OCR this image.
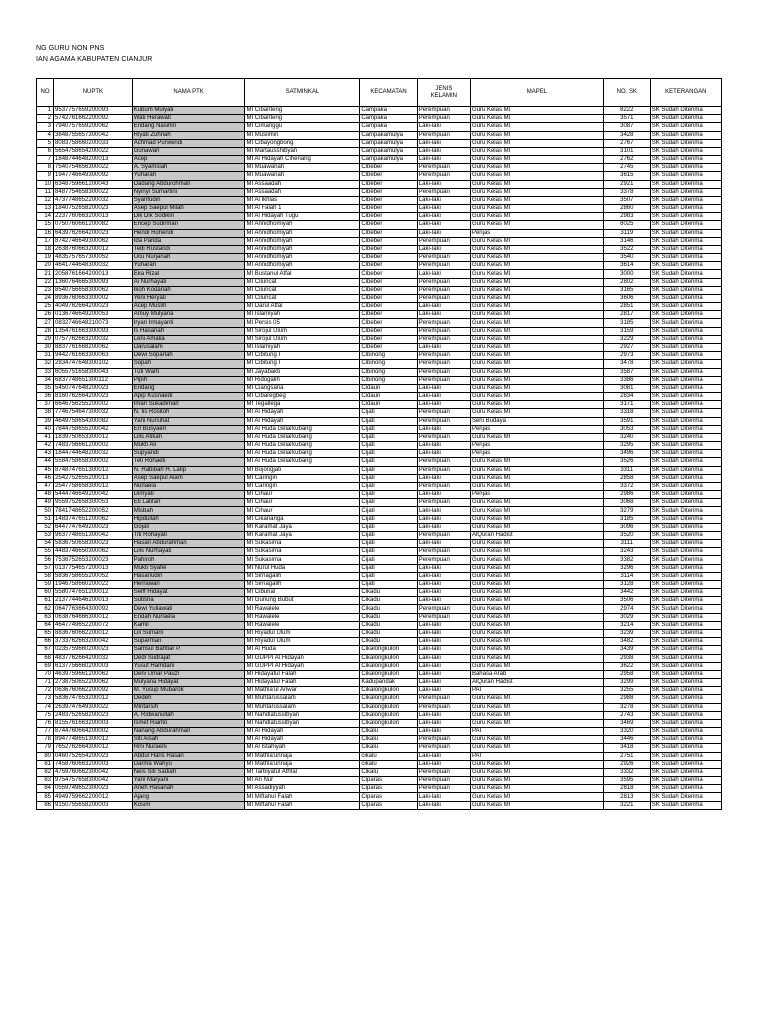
NG GURU NON PNS
IAN AGAMA KABUPATEN CIANJUR
NO	NUPTK	NAMA PTK	SATMINKAL	KECAMATAN	JENIS
KELAMIN	MAPEL	NO. SK	KETERANGAN
1	9537757659200093	Kubum Mulyati	MI Cibanteng	Campaka	Perempuan	Guru Kelas MI	8222	SK Sudah Diterima
2	5742761662200092	Wati Herawati	MI Cibanteng	Campaka	Perempuan	Guru Kelas MI	3571	SK Sudah Diterima
3	7940757659200062	Endang Nasihin	MI Cimanggu	Campaka	Laki-laki	Guru Kelas MI	3087	SK Sudah Diterima
4	3848755657300042	Riyati Zuhriah	MI Muslimin	Campakamulya	Perempuan	Guru Kelas MI	3428	SK Sudah Diterima
5	8083758660200033	Achmad Purwendi	MI Cibayongbong	Campakamulya	Laki-laki	Guru Kelas MI	2767	SK Sudah Diterima
6	5654758654200022	Gunawan	MI Martausshibyan	Campakamulya	Laki-laki	Guru Kelas MI	3101	SK Sudah Diterima
7	1848744648200013	Acep	MI Al Hidayah Cihenang	Campakamulya	Laki-laki	Guru Kelas MI	2762	SK Sudah Diterima
8	7540754656300022	A. Syamsiah	MI Muawanah	Cibeber	Perempuan	Guru Kelas MI	2745	SK Sudah Diterima
9	1947746649300092	Yuharah	MI Muawanah	Cibeber	Perempuan	Guru Kelas MI	3615	SK Sudah Diterima
10	6348759661200043	Dadang Abdurohman	MI Assaadah	Cibeber	Laki-laki	Guru Kelas MI	2921	SK Sudah Diterima
11	8487754658300022	Nyinyi Sumartini	MI Assaadah	Cibeber	Perempuan	Guru Kelas MI	3378	SK Sudah Diterima
12	4737748652200032	Syarifudin	MI Al Ikhlas	Cibeber	Laki-laki	Guru Kelas MI	3507	SK Sudah Diterima
13	1840752658200023	Asep Saepul Milah	MI Al Falah 1	Cibeber	Laki-laki	Guru Kelas MI	2860	SK Sudah Diterima
14	2237760663200013	Dik Dik Sodikin	MI Al Hidayah Tugu	Cibeber	Laki-laki	Guru Kelas MI	2983	SK Sudah Diterima
15	0750760661200082	Encep Sudirman	MI Annidhomiyah	Cibeber	Laki-laki	Guru Kelas MI	8025	SK Sudah Diterima
16	6439762664200023	Hendi Rohendi	MI Annidhomiyah	Cibeber	Laki-laki	Penjas	3119	SK Sudah Diterima
17	8742746649300062	Ida Parida	MI Annidhomiyah	Cibeber	Perempuan	Guru Kelas MI	3146	SK Sudah Diterima
18	2638760663200012	Tedi Rustandi	MI Annidhomiyah	Cibeber	Laki-laki	Guru Kelas MI	3522	SK Sudah Diterima
19	4835757657300052	Ucu Nurjanah	MI Annidhomiyah	Cibeber	Perempuan	Guru Kelas MI	3540	SK Sudah Diterima
20	4641744648300032	Yuharah	MI Annidhomiyah	Cibeber	Perempuan	Guru Kelas MI	3614	SK Sudah Diterima
21	2058761664200013	Eka Rizal	MI Bustanul Atfal	Cibeber	Laki-laki	Guru Kelas MI	3000	SK Sudah Diterima
22	1360764665300093	Ai Nurhayati	MI Ciluncat	Cibeber	Perempuan	Guru Kelas MI	2802	SK Sudah Diterima
23	8540756658300062	Ikoh Kodariah	MI Ciluncat	Cibeber	Perempuan	Guru Kelas MI	3165	SK Sudah Diterima
24	8936760663300002	Yeni Heryati	MI Ciluncat	Cibeber	Perempuan	Guru Kelas MI	3606	SK Sudah Diterima
25	4049762664200023	Acep Muslih	MI Darul Atfal	Cibeber	Laki-laki	Guru Kelas MI	2851	SK Sudah Diterima
26	0136746649200053	Amuy Mulyana	MI Islamiyah	Cibeber	Laki-laki	Guru Kelas MI	2817	SK Sudah Diterima
27	0832746648210073	Iryan Irmayanti	MI Persis 05	Cibeber	Perempuan	Guru Kelas MI	3185	SK Sudah Diterima
28	1354761663300093	Is Hasanah	MI Sirojul Ulum	Cibeber	Perempuan	Guru Kelas MI	3159	SK Sudah Diterima
29	0757762663200032	Leni Amalia	MI Sirojul Ulum	Cibeber	Perempuan	Guru Kelas MI	3229	SK Sudah Diterima
30	8837761668200062	Darusalam	MI Islamiyah	Cibeber	Laki-laki	Guru Kelas MI	2927	SK Sudah Diterima
31	9442761663300063	Dewi Soparlah	MI Cibitung I	Cibinong	Perempuan	Guru Kelas MI	2973	SK Sudah Diterima
32	2834747648300102	Sopah	MI Cibitung I	Cibinong	Perempuan	Guru Kelas MI	3478	SK Sudah Diterima
33	6055751658300043	Tuti Warti	MI Jayabakti	Cibinong	Perempuan	Guru Kelas MI	3587	SK Sudah Diterima
34	6837748651300112	Pipih	MI Ridogalih	Cibinong	Perempuan	Guru Kelas MI	3386	SK Sudah Diterima
35	5450747648200023	Endang	MI Ciangsana	Cidaun	Laki-laki	Guru Kelas MI	3081	SK Sudah Diterima
36	8160762664200023	Apip Kusnaedi	MI Cibaregbeg	Cidaun	Laki-laki	Guru Kelas MI	2834	SK Sudah Diterima
37	6646756255200002	Iman Sukadiman	MI Tegallega	Cidaun	Laki-laki	Guru Kelas MI	3171	SK Sudah Diterima
38	7746754647300032	N. Iis Rositoh	MI Al Hidayah	Cijati	Perempuan	Guru Kelas MI	3318	SK Sudah Diterima
39	4649758654300082	Yani Nursihat	MI Al Hidayah	Cijati	Perempuan	Seni Budaya	3591	SK Sudah Diterima
40	7844758655200042	Eri Busyaeri	MI Al Huda Gelarkubang	Cijati	Laki-laki	Penjas	3053	SK Sudah Diterima
41	1839750653300012	Lilis Atikah	MI Al Huda Gelarkubang	Cijati	Perempuan	Guru Kelas MI	3240	SK Sudah Diterima
42	7483756661200002	Mukti Ali	MI Al Huda Gelarkubang	Cijati	Laki-laki	Penjas	3295	SK Sudah Diterima
43	1844744648200032	Supyandi	MI Al Huda Gelarkubang	Cijati	Laki-laki	Penjas	3496	SK Sudah Diterima
44	5584758658300002	Teti Rohaeti	MI Al Huda Gelarkubang	Cijati	Perempuan	Guru Kelas MI	3526	SK Sudah Diterima
45	8748747651300012	N. Habibah H. Latip	MI Bojongjati	Cijati	Perempuan	Guru Kelas MI	3311	SK Sudah Diterima
46	2542752655200013	Asep Saepul Alam	MI Caringin	Cijati	Laki-laki	Guru Kelas MI	2858	SK Sudah Diterima
47	2547758658300012	Nurlaela	MI Caringin	Cijati	Perempuan	Guru Kelas MI	3372	SK Sudah Diterima
48	5444746649200042	Dimyati	MI Cihaur	Cijati	Laki-laki	Penjas	2986	SK Sudah Diterima
49	9559752658300053	Eti Latifah	MI Cihaur	Cijati	Perempuan	Guru Kelas MI	3068	SK Sudah Diterima
50	7841748652200052	Misbah	MI Cihaur	Cijati	Laki-laki	Guru Kelas MI	3279	SK Sudah Diterima
51	1483747651200062	Hipdullah	MI Cikananga	Cijati	Laki-laki	Guru Kelas MI	3185	SK Sudah Diterima
52	6447747649200023	Gojali	MI Karamat Jaya	Cijati	Laki-laki	Guru Kelas MI	3096	SK Sudah Diterima
53	9637748651300042	Titi Rohayati	MI Karamat Jaya	Cijati	Perempuan	AlQuran Hadist	3520	SK Sudah Diterima
54	5836750658300023	Hasan Abdurahman	MI Sukasirna	Cijati	Laki-laki	Guru Kelas MI	3111	SK Sudah Diterima
55	4483746650300062	Lilis Nurhayati	MI Sukasirna	Cijati	Perempuan	Guru Kelas MI	3243	SK Sudah Diterima
56	7538752653200023	Pahiroh	MI Sukasirna	Cijati	Perempuan	Guru Kelas MI	3382	SK Sudah Diterima
57	0137754657200013	Mukti Syafei	MI Nurul Huda	Cijati	Laki-laki	Guru Kelas MI	3296	SK Sudah Diterima
58	5836758655200052	Hasanudin	MI Sirnagalih	Cijati	Laki-laki	Guru Kelas MI	3114	SK Sudah Diterima
59	1946758660200022	Herrawan	MI Sirnagalih	Cijati	Laki-laki	Guru Kelas MI	3128	SK Sudah Diterima
60	5580747651200012	Seiff Hidayat	MI Ciburial	Cikadu	Laki-laki	Guru Kelas MI	3442	SK Sudah Diterima
61	2137744646200013	Sutisna	MI Gunung Bubut	Cikadu	Laki-laki	Guru Kelas MI	3506	SK Sudah Diterima
62	0647763664300092	Dewi Yuliawati	MI Rawalele	Cikadu	Perempuan	Guru Kelas MI	2974	SK Sudah Diterima
63	0638764666300012	Endah Nurlaela	MI Rawalele	Cikadu	Perempuan	Guru Kelas MI	3029	SK Sudah Diterima
64	4647749652200072	Kamil	MI Rawalele	Cikadu	Laki-laki	Guru Kelas MI	3214	SK Sudah Diterima
65	8836760662200012	Lili Sumarli	MI Riyadul Ulum	Cikadu	Laki-laki	Guru Kelas MI	3239	SK Sudah Diterima
66	3733762663200042	Suparman	MI Riyadul Ulum	Cikadu	Laki-laki	Guru Kelas MI	3482	SK Sudah Diterima
67	0235759660200023	Samsul Bahtiar P.	MI Al Huda	Cikalongkulon	Laki-laki	Guru Kelas MI	3439	SK Sudah Diterima
68	4837762664200032	Dedi Sudrajat	MI GUPPI Al Hidayah	Cikalongkulon	Laki-laki	Guru Kelas MI	2938	SK Sudah Diterima
69	6137756660200003	Yusuf Hamdani	MI GUPPI Al Hidayah	Cikalongkulon	Laki-laki	Guru Kelas MI	3622	SK Sudah Diterima
70	4639759661200062	Deni Umar Pauzi	MI Hidayatul Falah	Cikalongkulon	Laki-laki	Bahasa Arab	2958	SK Sudah Diterima
71	2738750652200062	Mulyana Hidayat	MI Hidayatul Falah	Kadupandak	Laki-laki	AlQuran Hadist	3299	SK Sudah Diterima
72	0636760662200092	M. Yusup Mubarok	MI Mathla'ul Anwar	Cikalongkulon	Laki-laki	PAI	3255	SK Sudah Diterima
73	5836747653200012	Dedeh	MI Muhtarussalam	Cikalongkulon	Perempuan	Guru Kelas MI	2988	SK Sudah Diterima
74	2639747649300022	Mintarsih	MI Muhtarussalam	Cikalongkulon	Perempuan	Guru Kelas MI	3278	SK Sudah Diterima
75	2483752658200023	A. Ridwanullah	MI Nahdlatusslbyan	Cikalongkulon	Laki-laki	Guru Kelas MI	2743	SK Sudah Diterima
76	8155761663200003	Ismet Rianto	MI Nahdlatusslbyan	Cikalongkulon	Laki-laki	Guru Kelas MI	3469	SK Sudah Diterima
77	8744760664200002	Nanang Abdurahman	MI Al Hidayah	Cikalu	Laki-laki	PAI	3320	SK Sudah Diterima
78	8947748651300012	Siti Aisah	MI Al Hidayah	Cikalu	Perempuan	Guru Kelas MI	3446	SK Sudah Diterima
79	7652762664300012	Rini Nuraeni	MI Al Istahiyah	Cikalu	Perempuan	Guru Kelas MI	3418	SK Sudah Diterima
80	0460752654200023	Abdul Haris Hasan	MI Mathla'unnaja	cikalu	Laki-laki	PAI	2751	SK Sudah Diterima
81	7458760663200003	Darma Wahyu	MI Mathla'unnaja	cikalu	Laki-laki	Guru Kelas MI	2926	SK Sudah Diterima
82	4759760662300042	Neis Siti Sadiah	MI Tarbiyatul Athfal	Cikalu	Perempuan	Guru Kelas MI	3332	SK Sudah Diterima
83	9754757658300042	Yani Maryani	MI An Nur	Ciparas	Perempuan	Guru Kelas MI	3595	SK Sudah Diterima
84	0559749652300023	Aneh Hasanah	MI Assadiyyah	Ciparas	Perempuan	Guru Kelas MI	2818	SK Sudah Diterima
85	4949759662200012	Ajang	MI Miftahul Falah	Ciparas	Laki-laki	Guru Kelas MI	2813	SK Sudah Diterima
86	9150755658200003	Kosim	MI Miftahul Falah	Ciparas	Laki-laki	Guru Kelas MI	3221	SK Sudah Diterima
